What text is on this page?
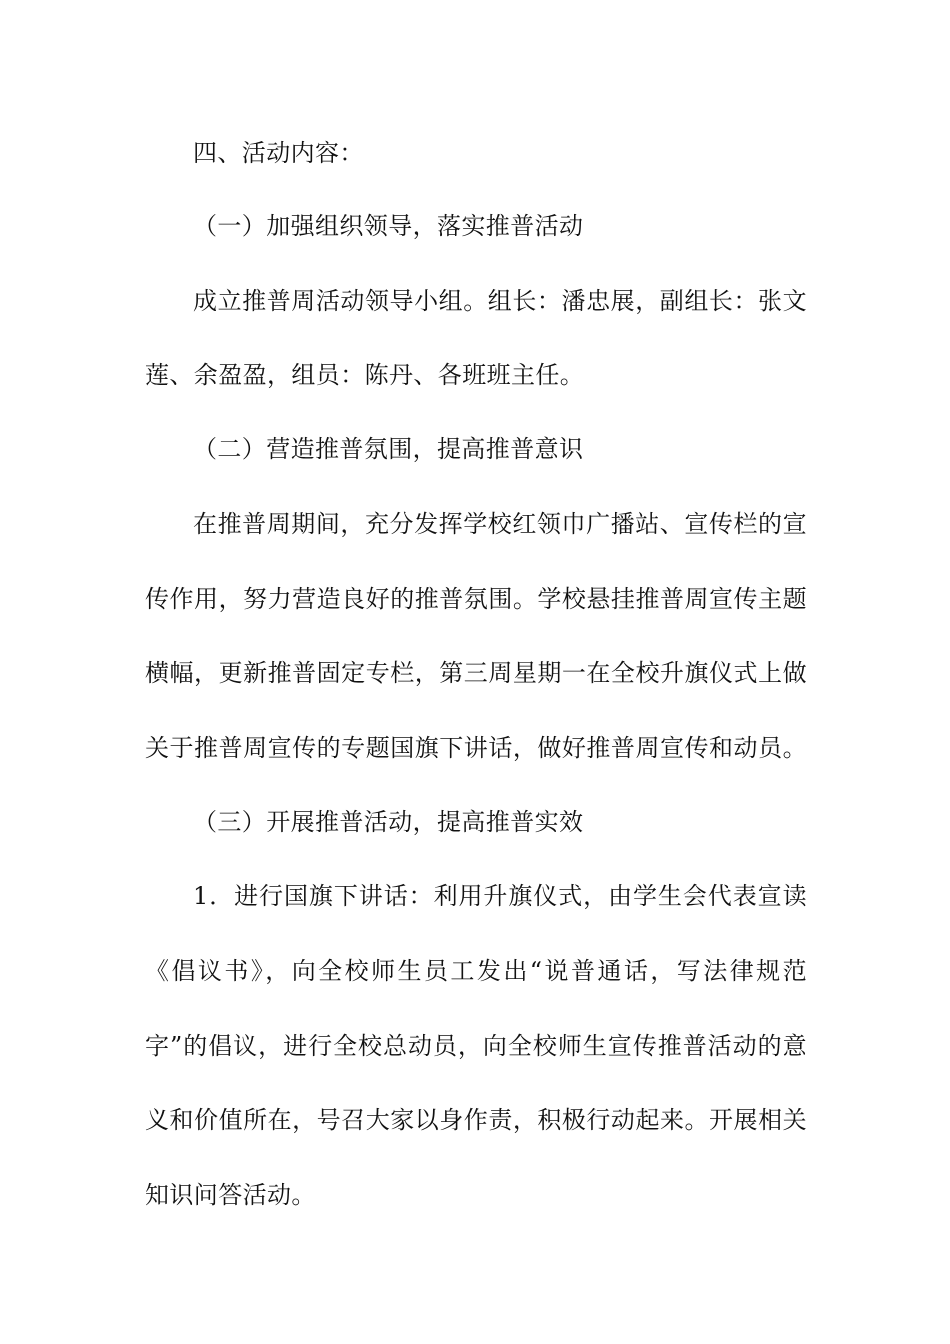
四、活动内容：
（一）加强组织领导，落实推普活动
成立推普周活动领导小组。组长：潘忠展，副组长：张文
莲、余盈盈，组员：陈丹、各班班主任。
（二）营造推普氛围，提高推普意识
在推普周期间，充分发挥学校红领巾广播站、宣传栏的宣
传作用，努力营造良好的推普氛围。学校悬挂推普周宣传主题
横幅，更新推普固定专栏，第三周星期一在全校升旗仪式上做
关于推普周宣传的专题国旗下讲话，做好推普周宣传和动员。
（三）开展推普活动，提高推普实效
1．进行国旗下讲话：利用升旗仪式，由学生会代表宣读
《倡议书》，向全校师生员工发出“说普通话，写法律规范
字”的倡议，进行全校总动员，向全校师生宣传推普活动的意
义和价值所在，号召大家以身作责，积极行动起来。开展相关
知识问答活动。
